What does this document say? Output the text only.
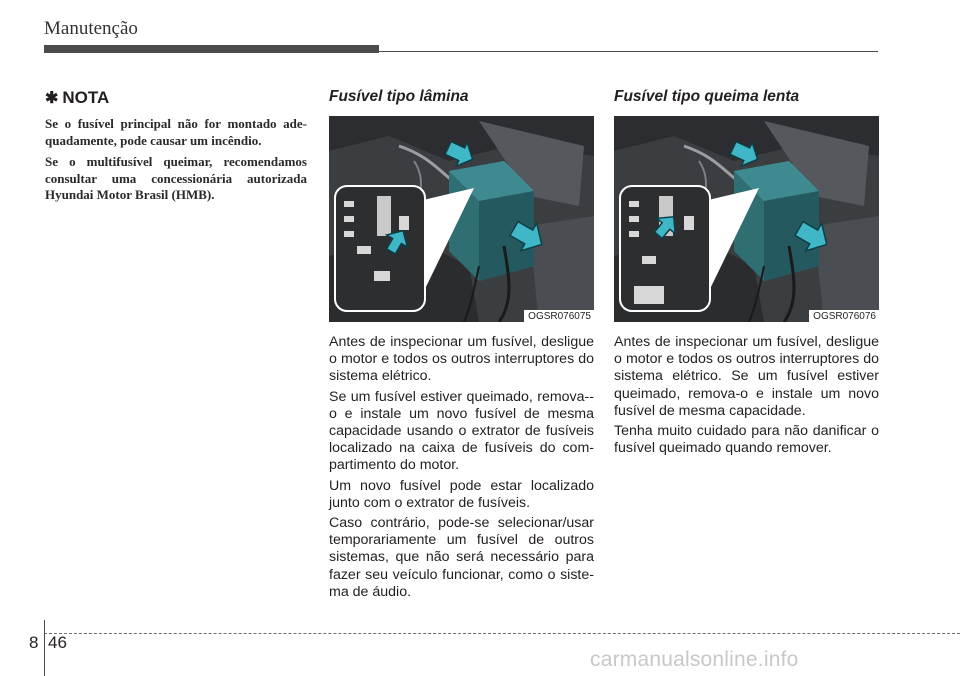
Manutenção
✱ NOTA

Se o fusível principal não for montado ade-quadamente, pode causar um incêndio.

Se o multifusível queimar, recomendamos consultar uma concessionária autorizada Hyundai Motor Brasil (HMB).

Fusível tipo lâmina
OGSR076075

Antes de inspecionar um fusível, desligue o motor e todos os outros interruptores do sistema elétrico.

Se um fusível estiver queimado, remova--o e instale um novo fusível de mesma capacidade usando o extrator de fusíveis localizado na caixa de fusíveis do com-partimento do motor.

Um novo fusível pode estar localizado junto com o extrator de fusíveis.

Caso contrário, pode-se selecionar/usar temporariamente um fusível de outros sistemas, que não será necessário para fazer seu veículo funcionar, como o siste-ma de áudio.

Fusível tipo queima lenta
OGSR076076

Antes de inspecionar um fusível, desligue o motor e todos os outros interruptores do sistema elétrico. Se um fusível estiver queimado, remova-o e instale um novo fusível de mesma capacidade.

Tenha muito cuidado para não danificar o fusível queimado quando remover.

8 46
carmanualsonline.info
